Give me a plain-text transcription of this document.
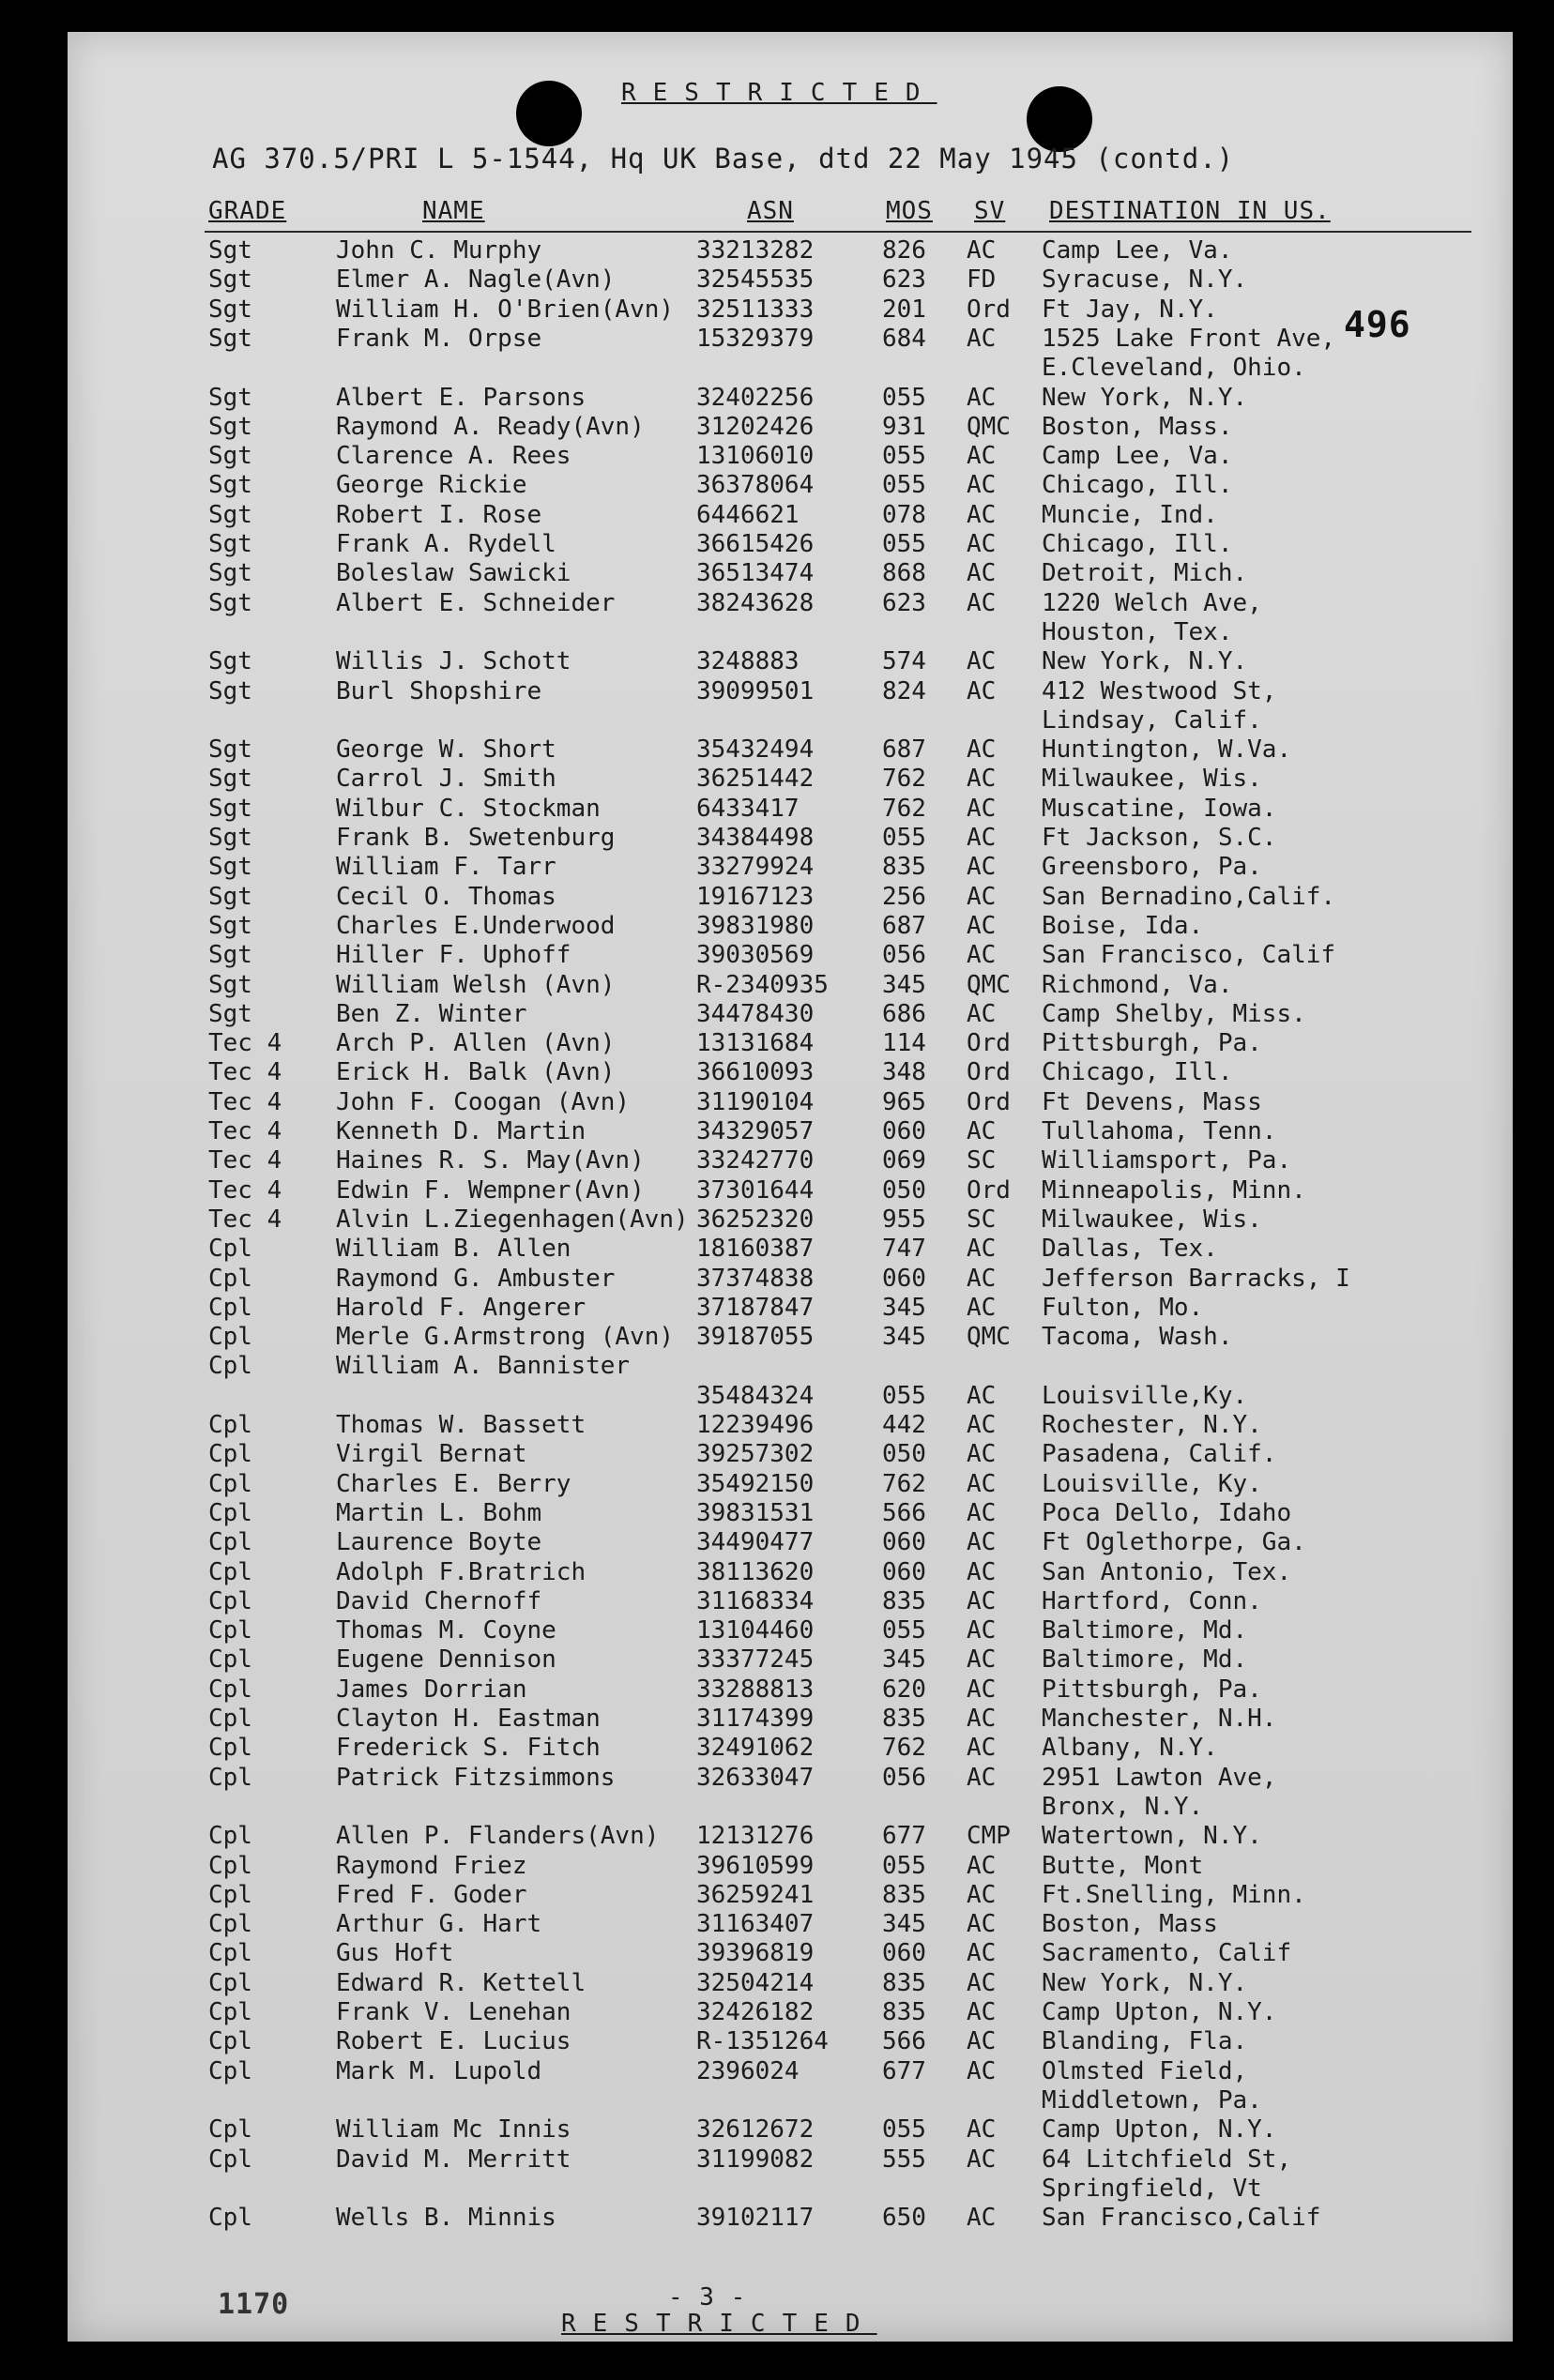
RESTRICTED
AG 370.5/PRI L 5-1544, Hq UK Base, dtd 22 May 1945 (contd.)
496
GRADE	NAME	ASN	MOS SV DESTINATION IN US.
Sgt	John C. Murphy	33213282	826 AC Camp Lee, Va.
Sgt	Elmer A. Nagle(Avn)	32545535	623 FD Syracuse, N.Y.
Sgt	William H. O'Brien(Avn) 32511333	201 Ord Ft Jay, N.Y.
Sgt	Frank M. Orpse	15329379	684 AC 1525 Lake Front Ave,
E.Cleveland, Ohio.
Sgt	Albert E. Parsons	32402256	055 AC New York, N.Y.
Sgt	Raymond A. Ready(Avn) 31202426	931 QMC Boston, Mass.
Sgt	Clarence A. Rees	13106010	055 AC Camp Lee, Va.
Sgt	George Rickie	36378064	055 AC Chicago, Ill.
Sgt	Robert I. Rose	6446621	078 AC Muncie, Ind.
Sgt	Frank A. Rydell	36615426	055 AC Chicago, Ill.
Sgt	Boleslaw Sawicki	36513474	868 AC Detroit, Mich.
Sgt	Albert E. Schneider	38243628	623 AC 1220 Welch Ave,
Houston, Tex.
Sgt	Willis J. Schott	3248883	574 AC New York, N.Y.
Sgt	Burl Shopshire	39099501	824 AC 412 Westwood St,
Lindsay, Calif.
Sgt	George W. Short	35432494	687 AC Huntington, W.Va.
Sgt	Carrol J. Smith	36251442	762 AC Milwaukee, Wis.
Sgt	Wilbur C. Stockman	6433417	762 AC Muscatine, Iowa.
Sgt	Frank B. Swetenburg	34384498	055 AC Ft Jackson, S.C.
Sgt	William F. Tarr	33279924	835 AC Greensboro, Pa.
Sgt	Cecil O. Thomas	19167123	256 AC San Bernadino,Calif.
Sgt	Charles E.Underwood	39831980	687 AC Boise, Ida.
Sgt	Hiller F. Uphoff	39030569	056 AC San Francisco, Calif
Sgt	William Welsh (Avn)	R-2340935 345 QMC Richmond, Va.
Sgt	Ben Z. Winter	34478430	686 AC Camp Shelby, Miss.
Tec 4 Arch P. Allen (Avn)	13131684	114 Ord Pittsburgh, Pa.
Tec 4 Erick H. Balk (Avn)	36610093	348 Ord Chicago, Ill.
Tec 4 John F. Coogan (Avn)	31190104	965 Ord Ft Devens, Mass
Tec 4 Kenneth D. Martin	34329057	060 AC Tullahoma, Tenn.
Tec 4 Haines R. S. May(Avn) 33242770	069 SC Williamsport, Pa.
Tec 4 Edwin F. Wempner(Avn) 37301644	050 Ord Minneapolis, Minn.
Tec 4 Alvin L.Ziegenhagen(Avn) 36252320	955 SC Milwaukee, Wis.
Cpl	William B. Allen	18160387	747 AC Dallas, Tex.
Cpl	Raymond G. Ambuster	37374838	060 AC Jefferson Barracks, I
Cpl	Harold F. Angerer	37187847	345 AC Fulton, Mo.
Cpl	Merle G.Armstrong (Avn) 39187055	345 QMC Tacoma, Wash.
Cpl	William A. Bannister
35484324	055 AC Louisville,Ky.
Cpl	Thomas W. Bassett	12239496	442 AC Rochester, N.Y.
Cpl	Virgil Bernat	39257302	050 AC Pasadena, Calif.
Cpl	Charles E. Berry	35492150	762 AC Louisville, Ky.
Cpl	Martin L. Bohm	39831531	566 AC Poca Dello, Idaho
Cpl	Laurence Boyte	34490477	060 AC Ft Oglethorpe, Ga.
Cpl	Adolph F.Bratrich	38113620	060 AC San Antonio, Tex.
Cpl	David Chernoff	31168334	835 AC Hartford, Conn.
Cpl	Thomas M. Coyne	13104460	055 AC Baltimore, Md.
Cpl	Eugene Dennison	33377245	345 AC Baltimore, Md.
Cpl	James Dorrian	33288813	620 AC Pittsburgh, Pa.
Cpl	Clayton H. Eastman	31174399	835 AC Manchester, N.H.
Cpl	Frederick S. Fitch	32491062	762 AC Albany, N.Y.
Cpl	Patrick Fitzsimmons	32633047	056 AC 2951 Lawton Ave,
Bronx, N.Y.
Cpl	Allen P. Flanders(Avn) 12131276	677 CMP Watertown, N.Y.
Cpl	Raymond Friez	39610599	055 AC Butte, Mont
Cpl	Fred F. Goder	36259241	835 AC Ft.Snelling, Minn.
Cpl	Arthur G. Hart	31163407	345 AC Boston, Mass
Cpl	Gus Hoft	39396819	060 AC Sacramento, Calif
Cpl	Edward R. Kettell	32504214	835 AC New York, N.Y.
Cpl	Frank V. Lenehan	32426182	835 AC Camp Upton, N.Y.
Cpl	Robert E. Lucius	R-1351264 566 AC Blanding, Fla.
Cpl	Mark M. Lupold	2396024	677 AC Olmsted Field,
Middletown, Pa.
Cpl	William Mc Innis	32612672	055 AC Camp Upton, N.Y.
Cpl	David M. Merritt	31199082	555 AC 64 Litchfield St,
Springfield, Vt
Cpl	Wells B. Minnis	39102117	650 AC San Francisco,Calif
- 3 -
RESTRICTED
1170
